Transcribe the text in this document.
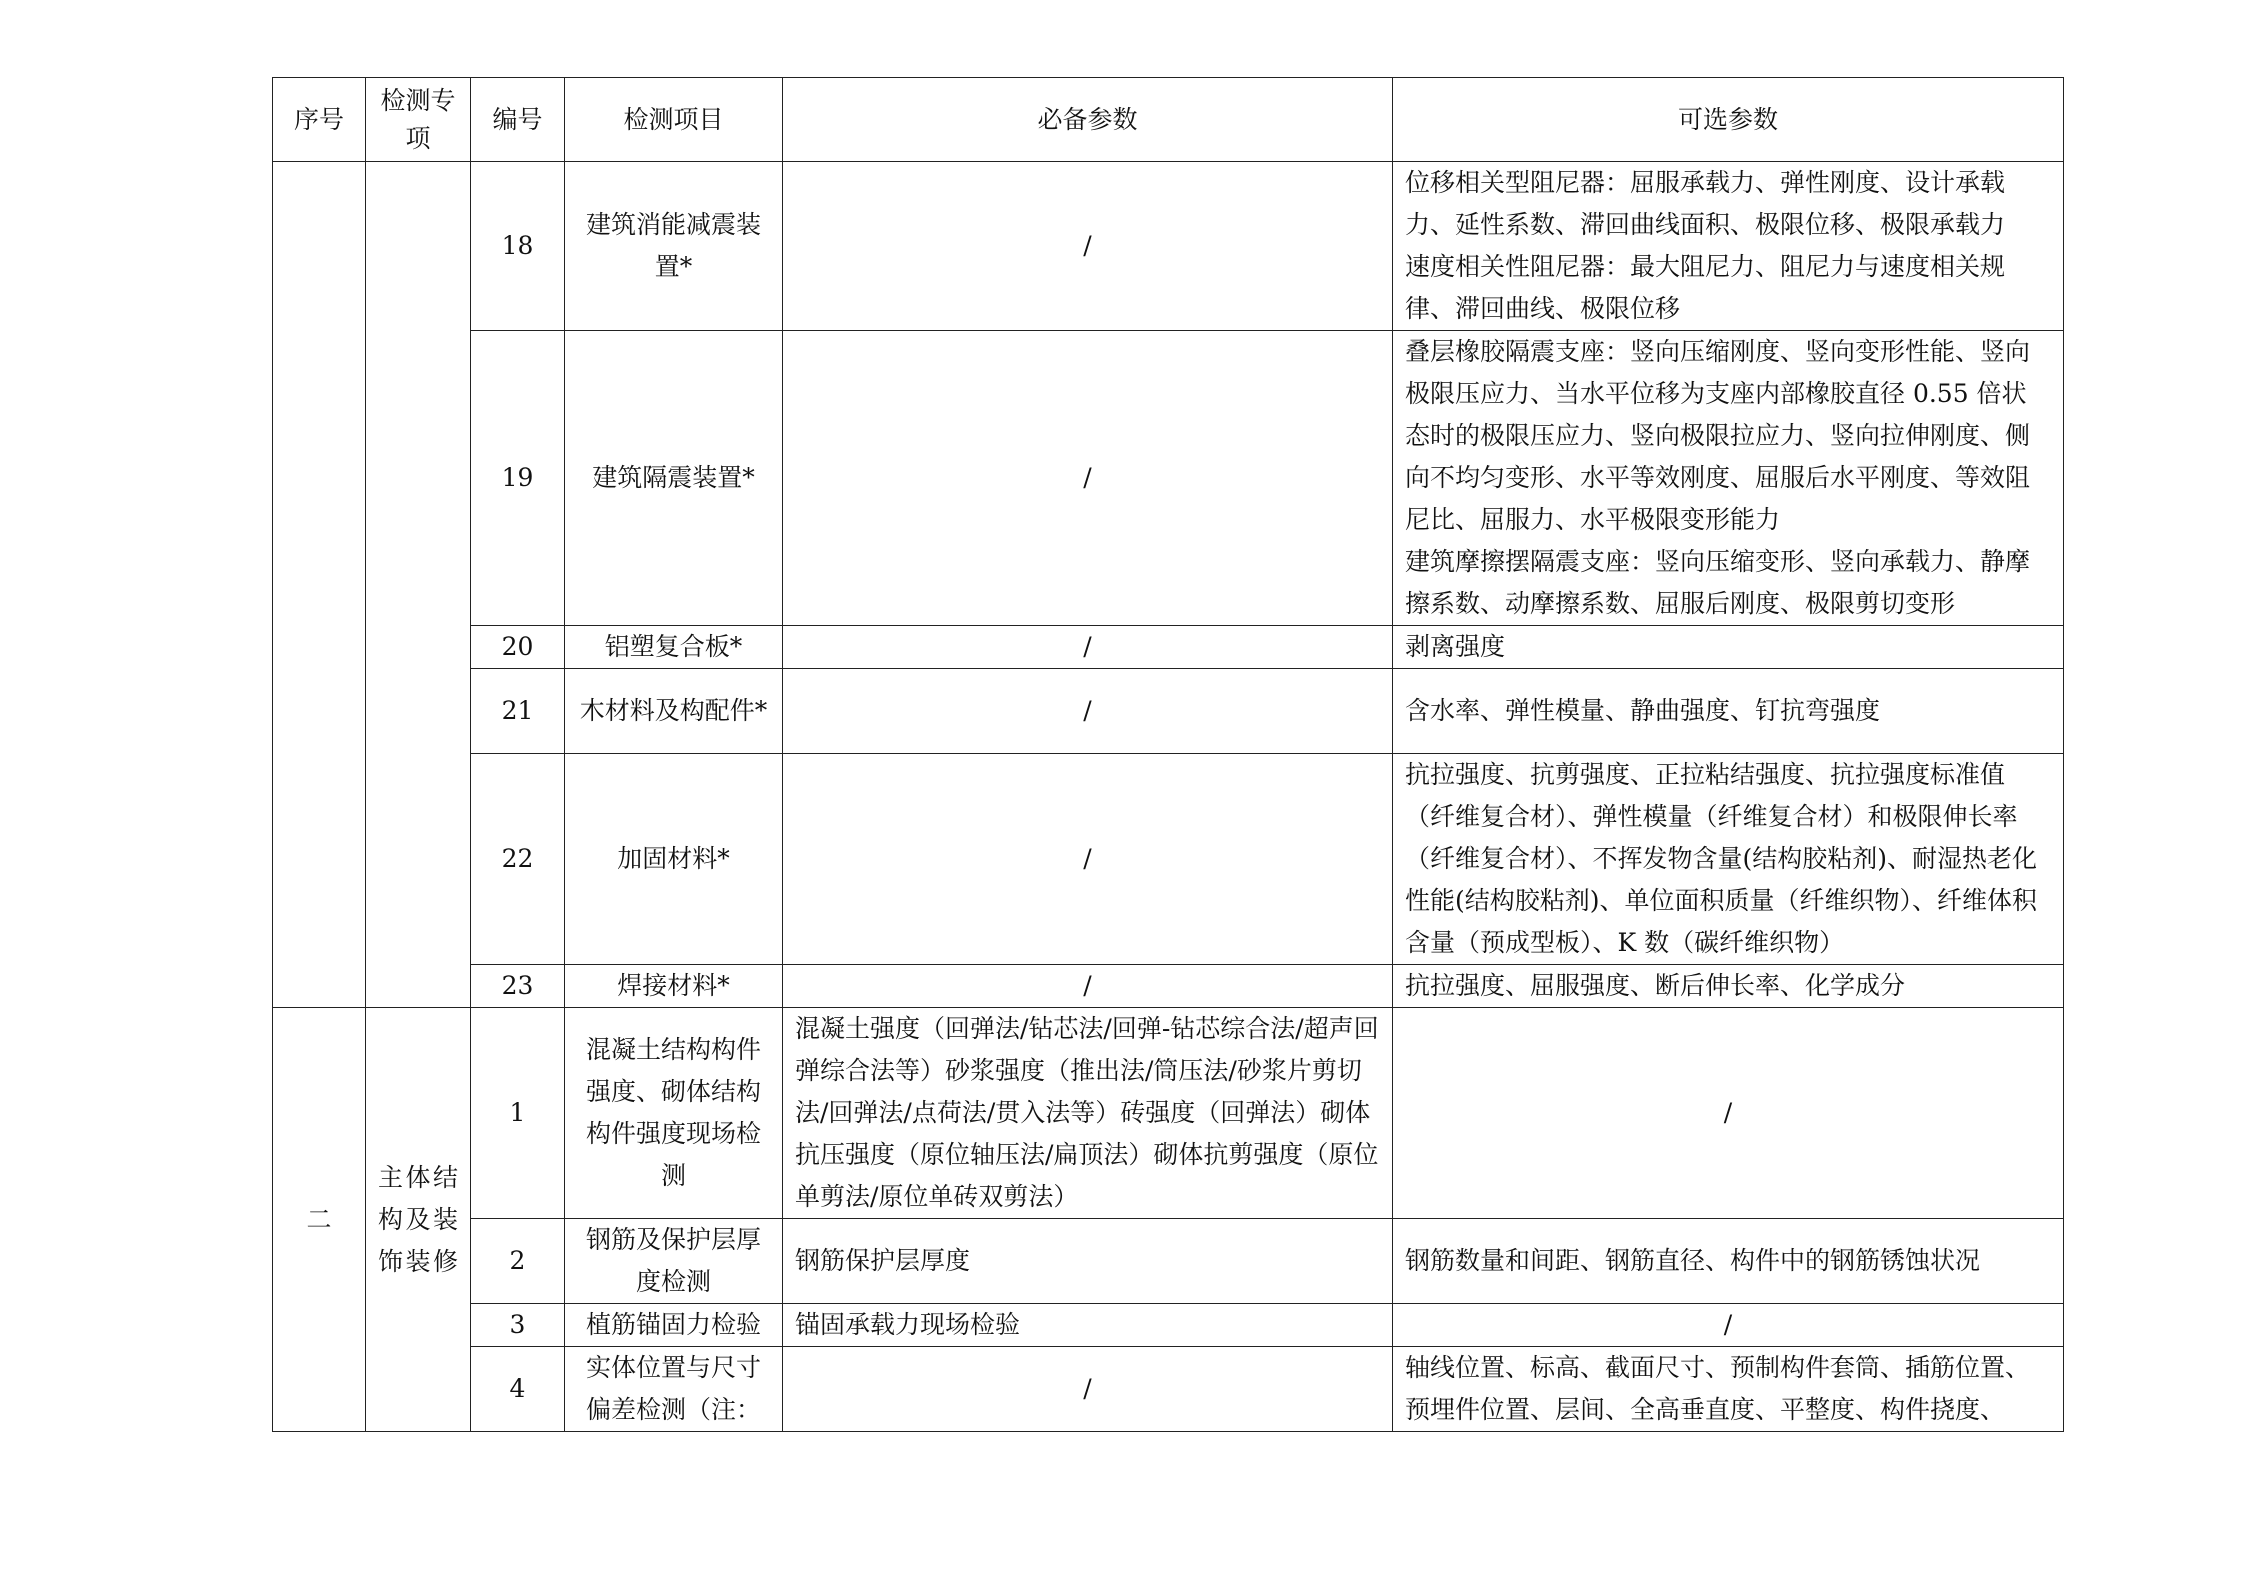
序号	检测专项	编号	检测项目	必备参数	可选参数
		18	建筑消能减震装置*	/	位移相关型阻尼器：屈服承载力、弹性刚度、设计承载力、延性系数、滞回曲线面积、极限位移、极限承载力
速度相关性阻尼器：最大阻尼力、阻尼力与速度相关规律、滞回曲线、极限位移

		19	建筑隔震装置*	/	叠层橡胶隔震支座：竖向压缩刚度、竖向变形性能、竖向极限压应力、当水平位移为支座内部橡胶直径 0.55 倍状态时的极限压应力、竖向极限拉应力、竖向拉伸刚度、侧向不均匀变形、水平等效刚度、屈服后水平刚度、等效阻尼比、屈服力、水平极限变形能力
建筑摩擦摆隔震支座：竖向压缩变形、竖向承载力、静摩擦系数、动摩擦系数、屈服后刚度、极限剪切变形

		20	铝塑复合板*	/	剥离强度
		21	木材料及构配件*	/	含水率、弹性模量、静曲强度、钉抗弯强度
		22	加固材料*	/	抗拉强度、抗剪强度、正拉粘结强度、抗拉强度标准值（纤维复合材）、弹性模量（纤维复合材）和极限伸长率（纤维复合材）、不挥发物含量(结构胶粘剂)、耐湿热老化性能(结构胶粘剂)、单位面积质量（纤维织物）、纤维体积含量（预成型板）、K 数（碳纤维织物）
		23	焊接材料*	/	抗拉强度、屈服强度、断后伸长率、化学成分
二	主体结构及装饰装修	1	混凝土结构构件强度、砌体结构构件强度现场检测	混凝土强度（回弹法/钻芯法/回弹-钻芯综合法/超声回弹综合法等）砂浆强度（推出法/筒压法/砂浆片剪切法/回弹法/点荷法/贯入法等）砖强度（回弹法）砌体抗压强度（原位轴压法/扁顶法）砌体抗剪强度（原位单剪法/原位单砖双剪法）	/
		2	钢筋及保护层厚度检测	钢筋保护层厚度	钢筋数量和间距、钢筋直径、构件中的钢筋锈蚀状况
		3	植筋锚固力检验	锚固承载力现场检验	/
		4	实体位置与尺寸偏差检测（注：	/	轴线位置、标高、截面尺寸、预制构件套筒、插筋位置、预埋件位置、层间、全高垂直度、平整度、构件挠度、
